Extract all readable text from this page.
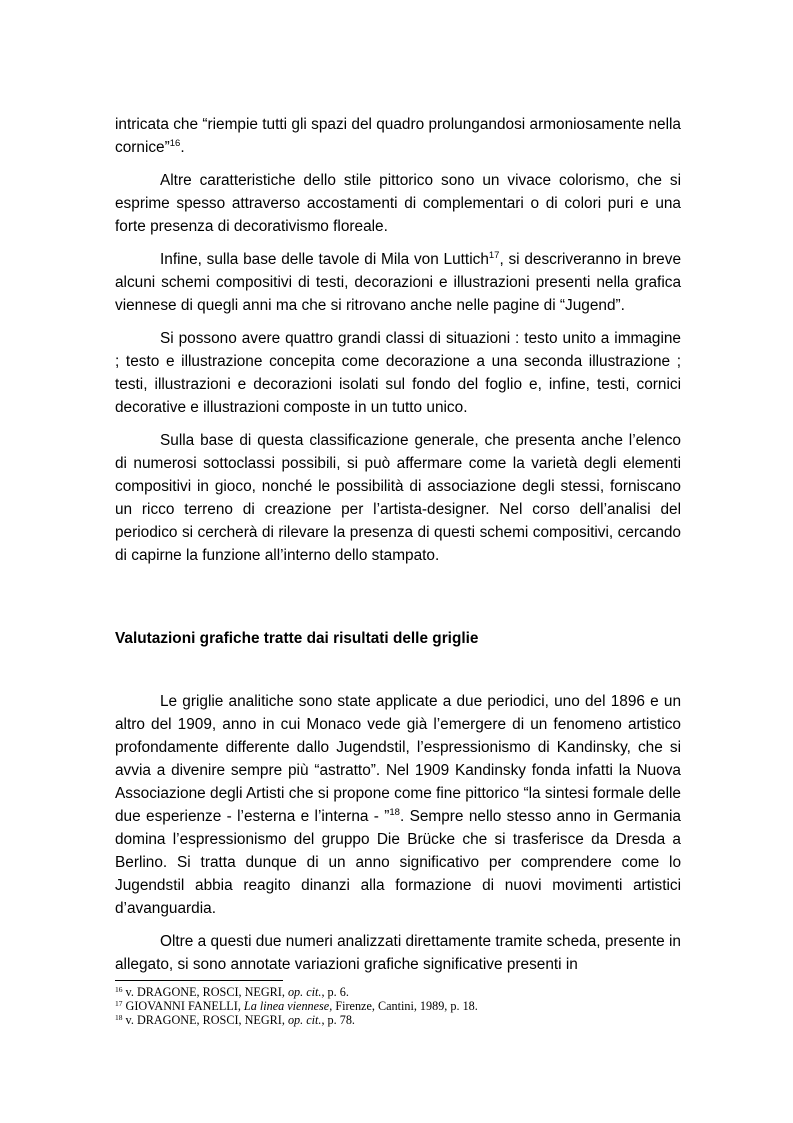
intricata che “riempie tutti gli spazi del quadro prolungandosi armoniosamente nella cornice”$^{16}$.

Altre caratteristiche dello stile pittorico sono un vivace colorismo, che si esprime spesso attraverso accostamenti di complementari o di colori puri e una forte presenza di decorativismo floreale.

Infine, sulla base delle tavole di Mila von Luttich$^{17}$, si descriveranno in breve alcuni schemi compositivi di testi, decorazioni e illustrazioni presenti nella grafica viennese di quegli anni ma che si ritrovano anche nelle pagine di “Jugend”.

Si possono avere quattro grandi classi di situazioni : testo unito a immagine ; testo e illustrazione concepita come decorazione a una seconda illustrazione ; testi, illustrazioni e decorazioni isolati sul fondo del foglio e, infine, testi, cornici decorative e illustrazioni composte in un tutto unico.

Sulla base di questa classificazione generale, che presenta anche l’elenco di numerosi sottoclassi possibili, si può affermare come la varietà degli elementi compositivi in gioco, nonché le possibilità di associazione degli stessi, forniscano un ricco terreno di creazione per l’artista-designer. Nel corso dell’analisi del periodico si cercherà di rilevare la presenza di questi schemi compositivi, cercando di capirne la funzione all’interno dello stampato.

Valutazioni grafiche tratte dai risultati delle griglie

Le griglie analitiche sono state applicate a due periodici, uno del 1896 e un altro del 1909, anno in cui Monaco vede già l’emergere di un fenomeno artistico profondamente differente dallo Jugendstil, l’espressionismo di Kandinsky, che si avvia a divenire sempre più “astratto”. Nel 1909 Kandinsky fonda infatti la Nuova Associazione degli Artisti che si propone come fine pittorico “la sintesi formale delle due esperienze - l’esterna e l’interna - ”$^{18}$. Sempre nello stesso anno in Germania domina l’espressionismo del gruppo Die Brücke che si trasferisce da Dresda a Berlino. Si tratta dunque di un anno significativo per comprendere come lo Jugendstil abbia reagito dinanzi alla formazione di nuovi movimenti artistici d’avanguardia.

Oltre a questi due numeri analizzati direttamente tramite scheda, presente in allegato, si sono annotate variazioni grafiche significative presenti in

$^{16}$ v. DRAGONE, ROSCI, NEGRI, op. cit., p. 6.

$^{17}$ GIOVANNI FANELLI, La linea viennese, Firenze, Cantini, 1989, p. 18.

$^{18}$ v. DRAGONE, ROSCI, NEGRI, op. cit., p. 78.
